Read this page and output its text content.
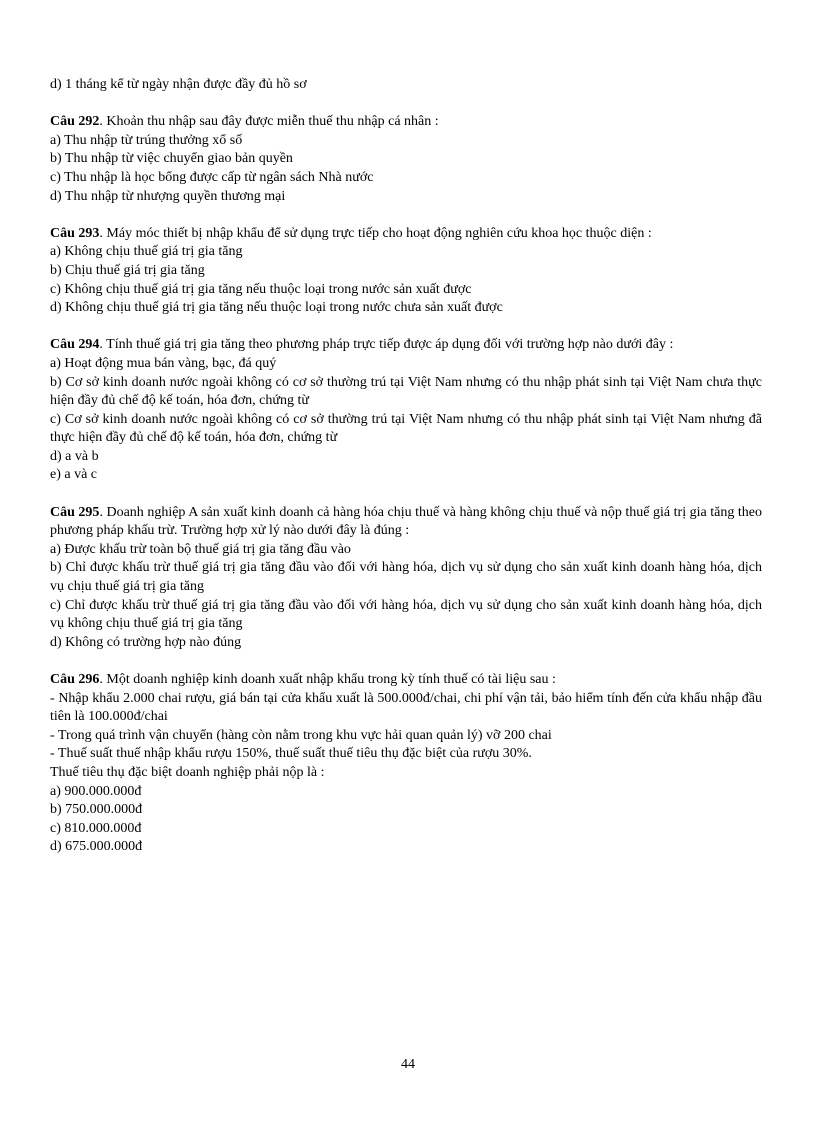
d) 1 tháng kể từ ngày nhận được đầy đủ hồ sơ

Câu 292. Khoản thu nhập sau đây được miễn thuế thu nhập cá nhân :

a) Thu nhập từ trúng thưởng xổ số

b) Thu nhập từ việc chuyển giao bản quyền

c) Thu nhập là học bổng được cấp từ ngân sách Nhà nước

d) Thu nhập từ nhượng quyền thương mại

Câu 293. Máy móc thiết bị nhập khẩu để sử dụng trực tiếp cho hoạt động nghiên cứu khoa học thuộc diện :

a) Không chịu thuế giá trị gia tăng

b) Chịu thuế giá trị gia tăng

c) Không chịu thuế giá trị gia tăng nếu thuộc loại trong nước sản xuất được

d) Không chịu thuế giá trị gia tăng nếu thuộc loại trong nước chưa sản xuất được

Câu 294. Tính thuế giá trị gia tăng theo phương pháp trực tiếp được áp dụng đối với trường hợp nào dưới đây :

a) Hoạt động mua bán vàng, bạc, đá quý

b) Cơ sở kinh doanh nước ngoài không có cơ sở thường trú tại Việt Nam nhưng có thu nhập phát sinh tại Việt Nam chưa thực hiện đầy đủ chế độ kế toán, hóa đơn, chứng từ

c) Cơ sở kinh doanh nước ngoài không có cơ sở thường trú tại Việt Nam nhưng có thu nhập phát sinh tại Việt Nam nhưng đã thực hiện đầy đủ chế độ kế toán, hóa đơn, chứng từ

d) a và b

e) a và c

Câu 295. Doanh nghiệp A sản xuất kinh doanh cả hàng hóa chịu thuế và hàng không chịu thuế và nộp thuế giá trị gia tăng theo phương pháp khấu trừ. Trường hợp xử lý nào dưới đây là đúng :

a) Được khấu trừ toàn bộ thuế giá trị gia tăng đầu vào

b) Chỉ được khấu trừ thuế giá trị gia tăng đầu vào đối với hàng hóa, dịch vụ sử dụng cho sản xuất kinh doanh hàng hóa, dịch vụ chịu thuế giá trị gia tăng

c) Chỉ được khấu trừ thuế giá trị gia tăng đầu vào đối với hàng hóa, dịch vụ sử dụng cho sản xuất kinh doanh hàng hóa, dịch vụ không chịu thuế giá trị gia tăng

d) Không có trường hợp nào đúng

Câu 296. Một doanh nghiệp kinh doanh xuất nhập khẩu trong kỳ tính thuế có tài liệu sau :

- Nhập khẩu 2.000 chai rượu, giá bán tại cửa khẩu xuất là 500.000đ/chai, chi phí vận tải, bảo hiểm tính đến cửa khẩu nhập đầu tiên là 100.000đ/chai

- Trong quá trình vận chuyển (hàng còn nằm trong khu vực hải quan quản lý) vỡ 200 chai

- Thuế suất thuế nhập khẩu rượu 150%, thuế suất thuế tiêu thụ đặc biệt của rượu 30%.

Thuế tiêu thụ đặc biệt doanh nghiệp phải nộp là :

a) 900.000.000đ

b) 750.000.000đ

c) 810.000.000đ

d) 675.000.000đ

44
